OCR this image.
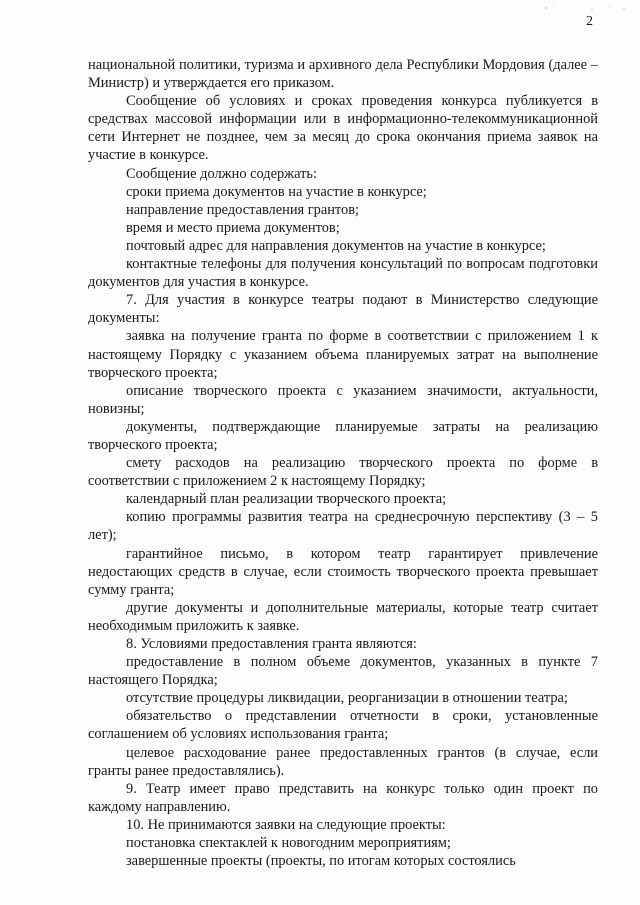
2

национальной политики, туризма и архивного дела Республики Мордовия (далее – Министр) и утверждается его приказом.

Сообщение об условиях и сроках проведения конкурса публикуется в средствах массовой информации или в информационно-телекоммуникационной сети Интернет не позднее, чем за месяц до срока окончания приема заявок на участие в конкурсе.

Сообщение должно содержать:

сроки приема документов на участие в конкурсе;

направление предоставления грантов;

время и место приема документов;

почтовый адрес для направления документов на участие в конкурсе;

контактные телефоны для получения консультаций по вопросам подготовки документов для участия в конкурсе.

7. Для участия в конкурсе театры подают в Министерство следующие документы:

заявка на получение гранта по форме в соответствии с приложением 1 к настоящему Порядку с указанием объема планируемых затрат на выполнение творческого проекта;

описание творческого проекта с указанием значимости, актуальности, новизны;

документы, подтверждающие планируемые затраты на реализацию творческого проекта;

смету расходов на реализацию творческого проекта по форме в соответствии с приложением 2 к настоящему Порядку;

календарный план реализации творческого проекта;

копию программы развития театра на среднесрочную перспективу (3 – 5 лет);

гарантийное письмо, в котором театр гарантирует привлечение недостающих средств в случае, если стоимость творческого проекта превышает сумму гранта;

другие документы и дополнительные материалы, которые театр считает необходимым приложить к заявке.

8. Условиями предоставления гранта являются:

предоставление в полном объеме документов, указанных в пункте 7 настоящего Порядка;

отсутствие процедуры ликвидации, реорганизации в отношении театра;

обязательство о представлении отчетности в сроки, установленные соглашением об условиях использования гранта;

целевое расходование ранее предоставленных грантов (в случае, если гранты ранее предоставлялись).

9. Театр имеет право представить на конкурс только один проект по каждому направлению.

10. Не принимаются заявки на следующие проекты:

постановка спектаклей к новогодним мероприятиям;

завершенные проекты (проекты, по итогам которых состоялись
